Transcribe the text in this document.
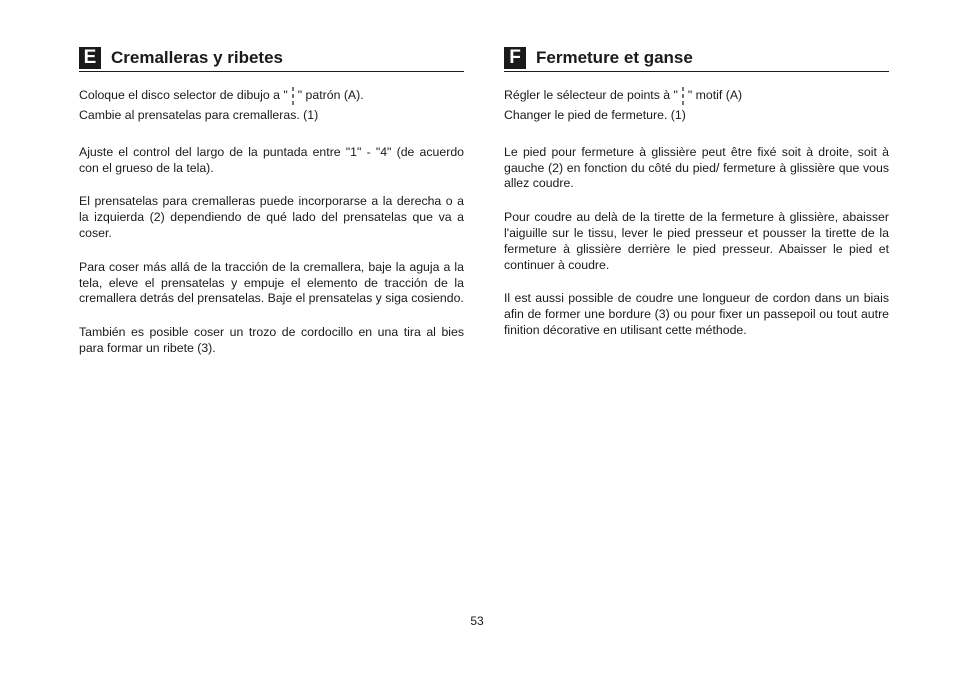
E Cremalleras y ribetes

Coloque el disco selector de dibujo a " " patrón (A).

Cambie al prensatelas para cremalleras. (1)

Ajuste el control del largo de la puntada entre "1" - "4" (de acuerdo con el grueso de la tela).

El prensatelas para cremalleras puede incorporarse a la derecha o a la izquierda (2) dependiendo de qué lado del prensatelas que va a coser.

Para coser más allá de la tracción de la cremallera, baje la aguja a la tela, eleve el prensatelas y empuje el elemento de tracción de la cremallera detrás del prensatelas. Baje el prensatelas y siga cosiendo.

También es posible coser un trozo de cordocillo en una tira al bies para formar un ribete (3).

F Fermeture et ganse

Régler le sélecteur de points à " " motif (A)

Changer le pied de fermeture. (1)

Le pied pour fermeture à glissière peut être fixé soit à droite, soit à gauche (2) en fonction du côté du pied/ fermeture à glissière que vous allez coudre.

Pour coudre au delà de la tirette de la fermeture à glissière, abaisser l'aiguille sur le tissu, lever le pied presseur et pousser la tirette de la fermeture à glissière derrière le pied presseur. Abaisser le pied et continuer à coudre.

Il est aussi possible de coudre une longueur de cordon dans un biais afin de former une bordure (3) ou pour fixer un passepoil ou tout autre finition décorative en utilisant cette méthode.

53
